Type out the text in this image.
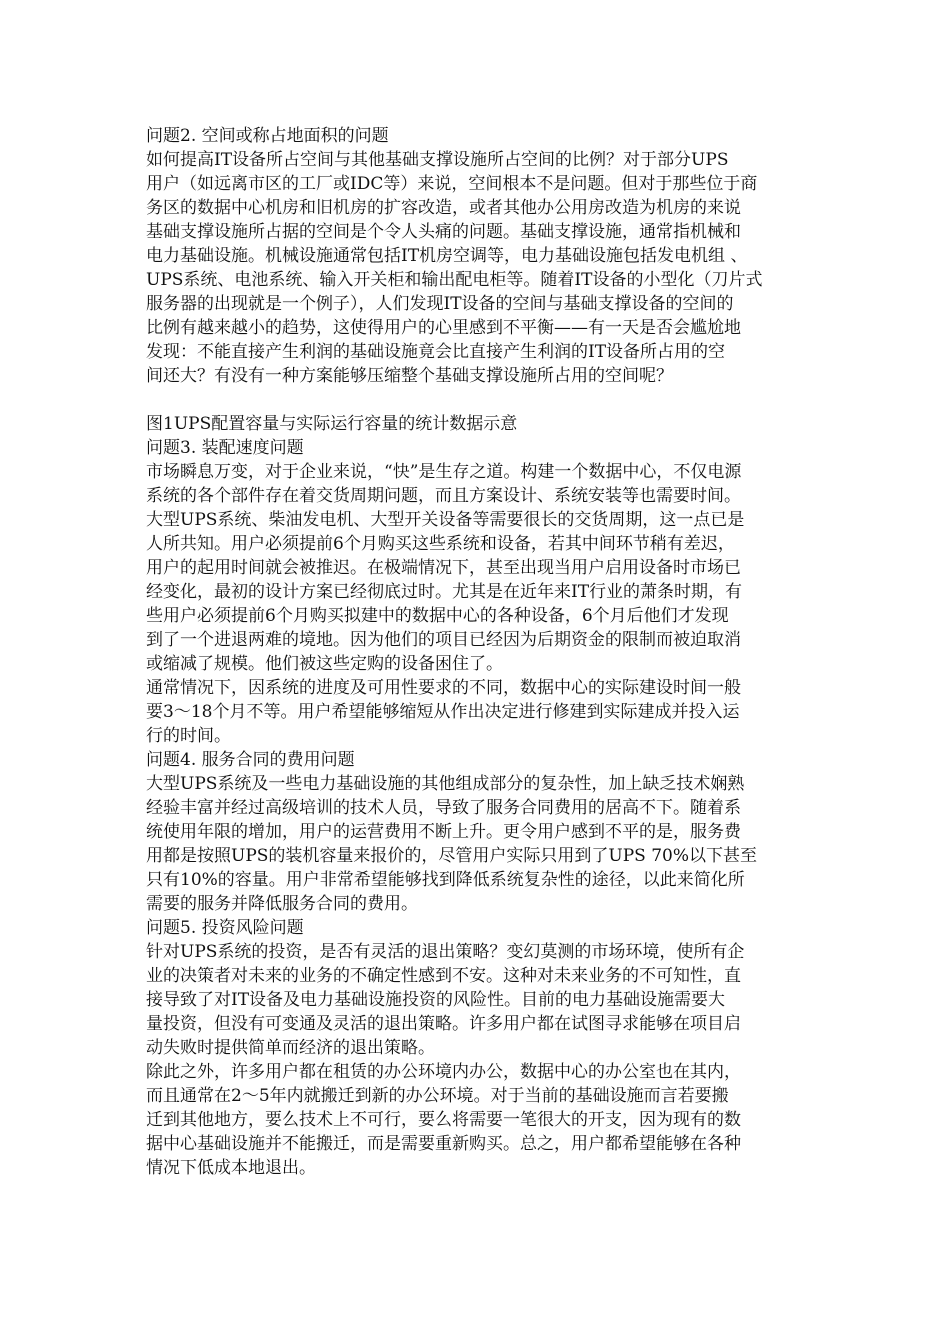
问题2. 空间或称占地面积的问题
如何提高IT设备所占空间与其他基础支撑设施所占空间的比例？对于部分UPS
用户（如远离市区的工厂或IDC等）来说，空间根本不是问题。但对于那些位于商
务区的数据中心机房和旧机房的扩容改造，或者其他办公用房改造为机房的来说
基础支撑设施所占据的空间是个令人头痛的问题。基础支撑设施，通常指机械和
电力基础设施。机械设施通常包括IT机房空调等，电力基础设施包括发电机组 、
UPS系统、电池系统、输入开关柜和输出配电柜等。随着IT设备的小型化（刀片式
服务器的出现就是一个例子），人们发现IT设备的空间与基础支撑设备的空间的
比例有越来越小的趋势，这使得用户的心里感到不平衡——有一天是否会尴尬地
发现：不能直接产生利润的基础设施竟会比直接产生利润的IT设备所占用的空
间还大？有没有一种方案能够压缩整个基础支撑设施所占用的空间呢？
图1UPS配置容量与实际运行容量的统计数据示意
问题3. 装配速度问题
市场瞬息万变，对于企业来说，“快”是生存之道。构建一个数据中心，不仅电源
系统的各个部件存在着交货周期问题，而且方案设计、系统安装等也需要时间。
大型UPS系统、柴油发电机、大型开关设备等需要很长的交货周期，这一点已是
人所共知。用户必须提前6个月购买这些系统和设备，若其中间环节稍有差迟，
用户的起用时间就会被推迟。在极端情况下，甚至出现当用户启用设备时市场已
经变化，最初的设计方案已经彻底过时。尤其是在近年来IT行业的萧条时期，有
些用户必须提前6个月购买拟建中的数据中心的各种设备，6个月后他们才发现
到了一个进退两难的境地。因为他们的项目已经因为后期资金的限制而被迫取消
或缩减了规模。他们被这些定购的设备困住了。
通常情况下，因系统的进度及可用性要求的不同，数据中心的实际建设时间一般
要3～18个月不等。用户希望能够缩短从作出决定进行修建到实际建成并投入运
行的时间。
问题4. 服务合同的费用问题
大型UPS系统及一些电力基础设施的其他组成部分的复杂性，加上缺乏技术娴熟
经验丰富并经过高级培训的技术人员，导致了服务合同费用的居高不下。随着系
统使用年限的增加，用户的运营费用不断上升。更令用户感到不平的是，服务费
用都是按照UPS的装机容量来报价的，尽管用户实际只用到了UPS 70%以下甚至
只有10%的容量。用户非常希望能够找到降低系统复杂性的途径，以此来简化所
需要的服务并降低服务合同的费用。
问题5. 投资风险问题
针对UPS系统的投资，是否有灵活的退出策略？变幻莫测的市场环境，使所有企
业的决策者对未来的业务的不确定性感到不安。这种对未来业务的不可知性，直
接导致了对IT设备及电力基础设施投资的风险性。目前的电力基础设施需要大
量投资，但没有可变通及灵活的退出策略。许多用户都在试图寻求能够在项目启
动失败时提供简单而经济的退出策略。
除此之外，许多用户都在租赁的办公环境内办公，数据中心的办公室也在其内，
而且通常在2～5年内就搬迁到新的办公环境。对于当前的基础设施而言若要搬
迁到其他地方，要么技术上不可行，要么将需要一笔很大的开支，因为现有的数
据中心基础设施并不能搬迁，而是需要重新购买。总之，用户都希望能够在各种
情况下低成本地退出。
